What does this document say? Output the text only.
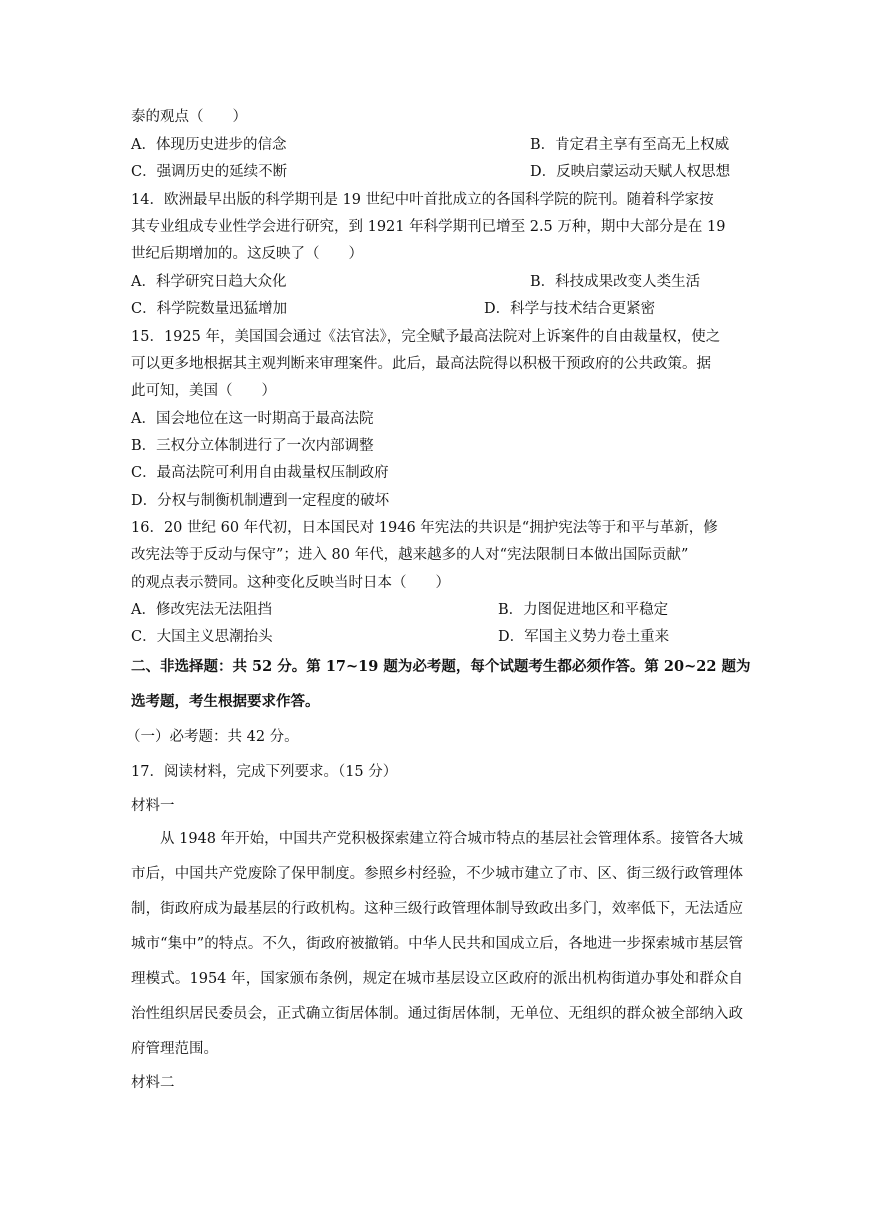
泰的观点（　　）
A．体现历史进步的信念	B．肯定君主享有至高无上权威
C．强调历史的延续不断	D．反映启蒙运动天赋人权思想
14．欧洲最早出版的科学期刊是 19 世纪中叶首批成立的各国科学院的院刊。随着科学家按
其专业组成专业性学会进行研究，到 1921 年科学期刊已增至 2.5 万种，期中大部分是在 19
世纪后期增加的。这反映了（　　）
A．科学研究日趋大众化	B．科技成果改变人类生活
C．科学院数量迅猛增加	D．科学与技术结合更紧密
15．1925 年，美国国会通过《法官法》，完全赋予最高法院对上诉案件的自由裁量权，使之
可以更多地根据其主观判断来审理案件。此后，最高法院得以积极干预政府的公共政策。据
此可知，美国（　　）
A．国会地位在这一时期高于最高法院
B．三权分立体制进行了一次内部调整
C．最高法院可利用自由裁量权压制政府
D．分权与制衡机制遭到一定程度的破坏
16．20 世纪 60 年代初，日本国民对 1946 年宪法的共识是“拥护宪法等于和平与革新，修
改宪法等于反动与保守”；进入 80 年代，越来越多的人对“宪法限制日本做出国际贡献”
的观点表示赞同。这种变化反映当时日本（　　）
A．修改宪法无法阻挡	B．力图促进地区和平稳定
C．大国主义思潮抬头	D．军国主义势力卷土重来
二、非选择题：共 52 分。第 17~19 题为必考题，每个试题考生都必须作答。第 20~22 题为
选考题，考生根据要求作答。
（一）必考题：共 42 分。
17．阅读材料，完成下列要求。（15 分）
材料一
从 1948 年开始，中国共产党积极探索建立符合城市特点的基层社会管理体系。接管各大城市后，中国共产党废除了保甲制度。参照乡村经验，不少城市建立了市、区、街三级行政管理体制，街政府成为最基层的行政机构。这种三级行政管理体制导致政出多门，效率低下，无法适应城市“集中”的特点。不久，街政府被撤销。中华人民共和国成立后，各地进一步探索城市基层管理模式。1954 年，国家颁布条例，规定在城市基层设立区政府的派出机构街道办事处和群众自治性组织居民委员会，正式确立街居体制。通过街居体制，无单位、无组织的群众被全部纳入政府管理范围。
材料二
